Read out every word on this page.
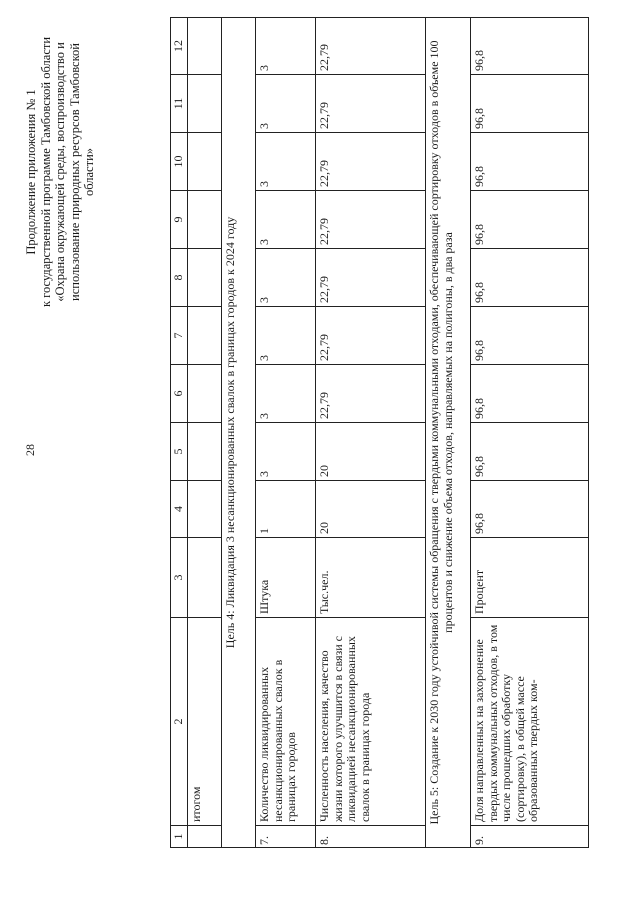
28
Продолжение приложения № 1 к государственной программе Тамбовской области «Охрана окружающей среды, воспроизводство и использование природных ресурсов Тамбовской области»
1	2	3	4	5	6	7	8	9	10	11	12
	итогом										
Цель 4: Ликвидация 3 несанкционированных свалок в границах городов к 2024 году											
7.	Количество ликвидированных несанкционированных свалок в границах городов	Штука	1	3	3	3	3	3	3	3	3
8.	Численность населения, качество жизни которого улучшится в связи с ликвидацией несанкционированных свалок в границах города	Тыс.чел.	20	20	22,79	22,79	22,79	22,79	22,79	22,79	22,79
Цель 5: Создание к 2030 году устойчивой системы обращения с твердыми коммунальными отходами, обеспечивающей сортировку отходов в объеме 100 процентов и снижение объема отходов, направляемых на полигоны, в два раза											
9.	Доля направленных на захоронение твердых коммунальных отходов, в том числе прошедших обработку (сортировку), в общей массе образованных твердых ком-	Процент	96,8	96,8	96,8	96,8	96,8	96,8	96,8	96,8	96,8
